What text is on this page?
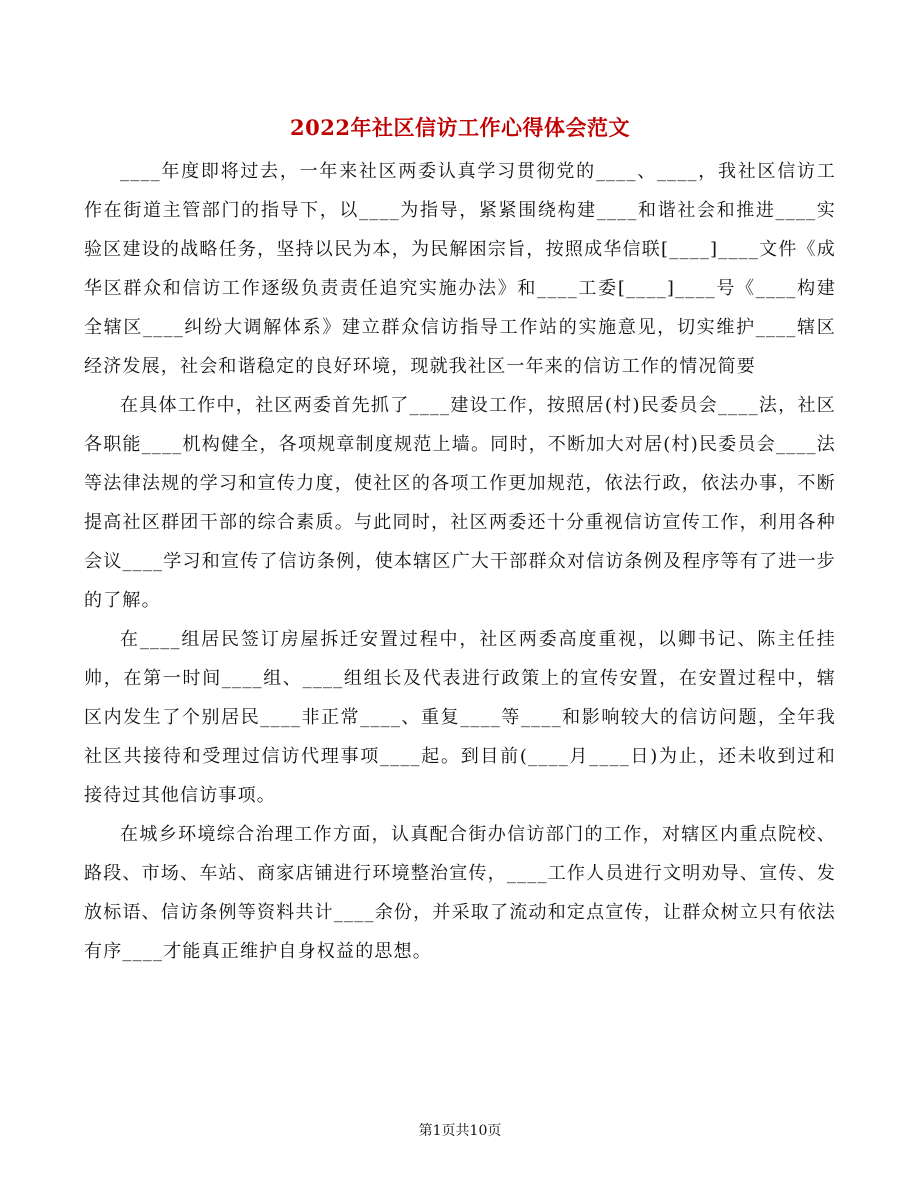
2022年社区信访工作心得体会范文

____年度即将过去，一年来社区两委认真学习贯彻党的____、____，我社区信访工作在街道主管部门的指导下，以____为指导，紧紧围绕构建____和谐社会和推进____实验区建设的战略任务，坚持以民为本，为民解困宗旨，按照成华信联[____]____文件《成华区群众和信访工作逐级负责责任追究实施办法》和____工委[____]____号《____构建全辖区____纠纷大调解体系》建立群众信访指导工作站的实施意见，切实维护____辖区经济发展，社会和谐稳定的良好环境，现就我社区一年来的信访工作的情况简要

在具体工作中，社区两委首先抓了____建设工作，按照居(村)民委员会____法，社区各职能____机构健全，各项规章制度规范上墙。同时，不断加大对居(村)民委员会____法等法律法规的学习和宣传力度，使社区的各项工作更加规范，依法行政，依法办事，不断提高社区群团干部的综合素质。与此同时，社区两委还十分重视信访宣传工作，利用各种会议____学习和宣传了信访条例，使本辖区广大干部群众对信访条例及程序等有了进一步的了解。

在____组居民签订房屋拆迁安置过程中，社区两委高度重视，以卿书记、陈主任挂帅，在第一时间____组、____组组长及代表进行政策上的宣传安置，在安置过程中，辖区内发生了个别居民____非正常____、重复____等____和影响较大的信访问题，全年我社区共接待和受理过信访代理事项____起。到目前(____月____日)为止，还未收到过和接待过其他信访事项。

在城乡环境综合治理工作方面，认真配合街办信访部门的工作，对辖区内重点院校、路段、市场、车站、商家店铺进行环境整治宣传，____工作人员进行文明劝导、宣传、发放标语、信访条例等资料共计____余份，并采取了流动和定点宣传，让群众树立只有依法有序____才能真正维护自身权益的思想。

第1页共10页
